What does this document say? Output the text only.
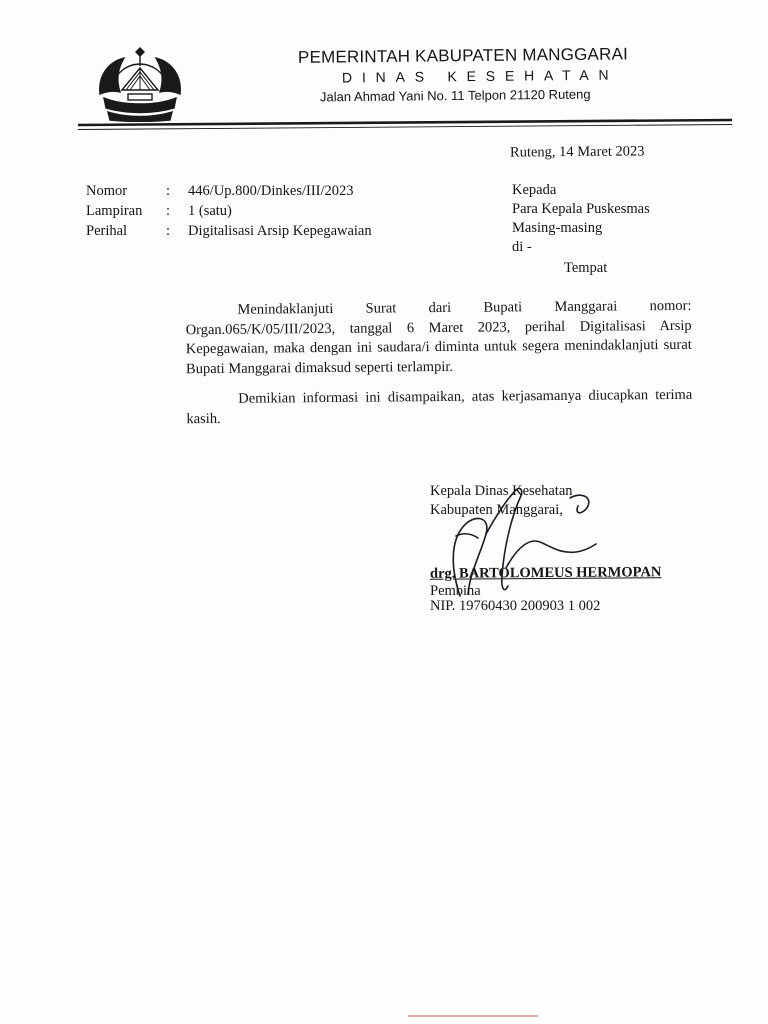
PEMERINTAH KABUPATEN MANGGARAI
DINAS KESEHATAN
Jalan Ahmad Yani No. 11 Telpon 21120 Ruteng
Ruteng, 14 Maret 2023
Nomor	:	446/Up.800/Dinkes/III/2023
Lampiran	:	1 (satu)
Perihal	:	Digitalisasi Arsip Kepegawaian
Kepada
Para Kepala Puskesmas
Masing-masing
di -
Tempat

Menindaklanjuti Surat dari Bupati Manggarai nomor: Organ.065/K/05/III/2023, tanggal 6 Maret 2023, perihal Digitalisasi Arsip Kepegawaian, maka dengan ini saudara/i diminta untuk segera menindaklanjuti surat Bupati Manggarai dimaksud seperti terlampir.

Demikian informasi ini disampaikan, atas kerjasamanya diucapkan terima kasih.

Kepala Dinas Kesehatan
Kabupaten Manggarai,
drg. BARTOLOMEUS HERMOPAN
Pembina
NIP. 19760430 200903 1 002
